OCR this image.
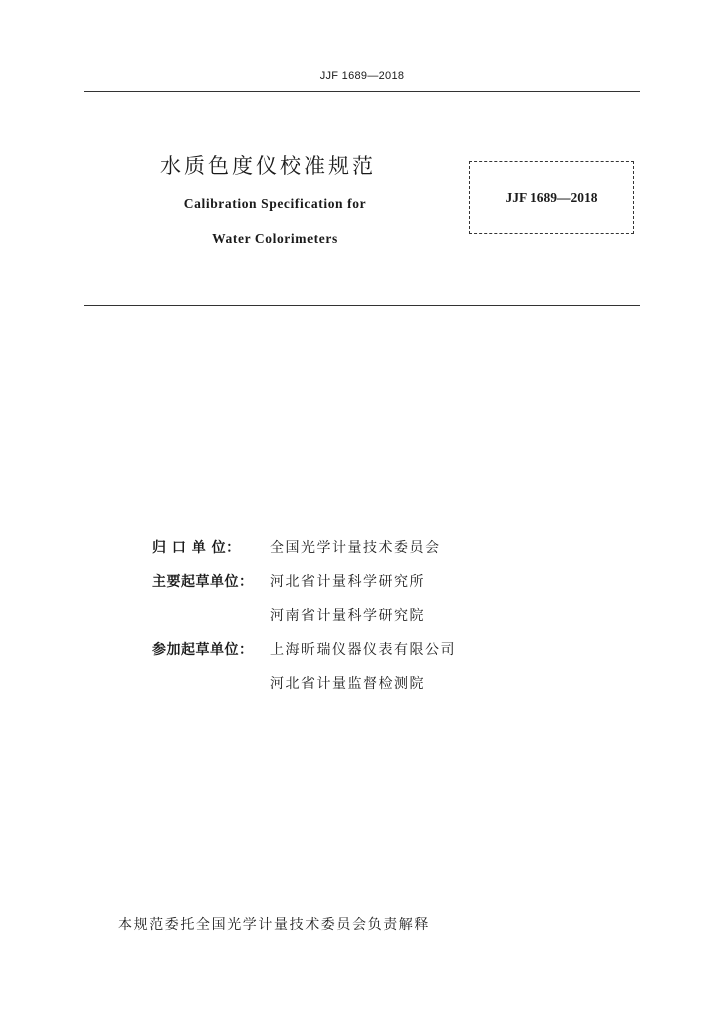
JJF 1689—2018
水质色度仪校准规范
Calibration Specification for
Water Colorimeters
JJF 1689—2018
归 口 单 位： 全国光学计量技术委员会
主要起草单位： 河北省计量科学研究所
河南省计量科学研究院
参加起草单位： 上海昕瑞仪器仪表有限公司
河北省计量监督检测院
本规范委托全国光学计量技术委员会负责解释
